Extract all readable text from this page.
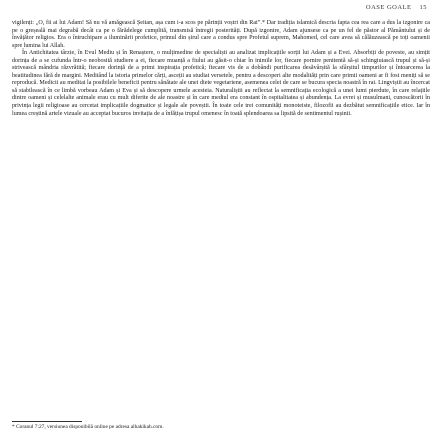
OASE GOALE 15

vigilenți: „O, fii ai lui Adam! Să nu vă amăgească Șeitan, așa cum i-a scos pe părinții voștri din Rai”.* Dar tradiția islamică descria fapta cea rea care a dus la izgonire ca pe o greșeală mai degrabă decât ca pe o fărădelege cumplită, transmisă întregii posterități. După izgonire, Adam ajunsese ca pe un fel de păstor al Pământului și de învățător religios. Era o întruchipare a iluminării profetice, primul din șirul care a condus spre Profetul suprem, Mahomed, cel care avea să călăuzească pe toți oamenii spre lumina lui Allah.

În Antichitatea târzie, în Evul Mediu și în Renaștere, o mulțimedine de specialiști au analizat implicațiile sorții lui Adam și a Evei. Absorbiți de poveste, au simțit dorința de a se cufunda într-o neobosită studiere a ei, fiecare muanță a fiului au găsit-o chiar în inimile lor, fiecare pornire penitentă să-și schingiuiască trupul și să-și strivească mândria răzvrătită; fiecare dorință de a primi inspirația profetică; fiecare vis de a dobândi purificarea desăvârșită la sfârșitul timpurilor și întoarcerea la beatitudinea fără de margini. Meditând la istoria primelor cărți, asceții au studiat versetele, pentru a descoperi alte modalități prin care primii oameni ar fi fost meniți să se reproducă. Medicii au meditat la posibilele beneficii pentru sănătate ale unei diete vegetariene, asemenea celei de care se bucura specia noastră în rai. Lingviștii au încercat să stabilească în ce limbă vorbeau Adam și Eva și să descopere urmele acesteia. Naturaliștii au reflectat la semnificația ecologică a unei lumi pierdute, în care relațiile dintre oameni și celelalte animale erau cu mult diferite de ale noastre și în care mediul era constant în ospitalitatea și abundența. La evrei și musulmani, cunoscătorii în privința legii religioase au cercetat implicațiile dogmatice și legale ale poveștii. În toate cele trei comunități monoteiste, filozofii au dezbătut semnificațiile etice. Iar în lumea creștină artele vizuale au acceptat bucuros invitația de a înfățișa trupul omenesc în toată splendoarea sa lipsită de sentimentul rușinii.

* Coranul 7:27, versiunea disponibilă online pe adresa alhakikah.com.
